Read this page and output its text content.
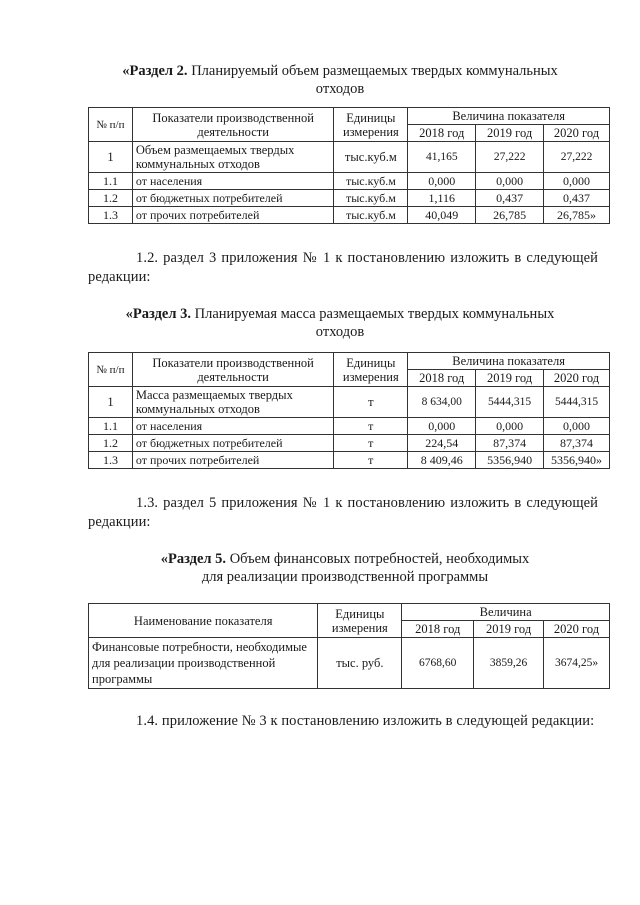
«Раздел 2. Планируемый объем размещаемых твердых коммунальных
отходов
№ п/п	Показатели производственной деятельности	Единицы измерения	Величина показателя		
			2018 год	2019 год	2020 год
1	Объем размещаемых твердых коммунальных отходов	тыс.куб.м	41,165	27,222	27,222
1.1	от населения	тыс.куб.м	0,000	0,000	0,000
1.2	от бюджетных потребителей	тыс.куб.м	1,116	0,437	0,437
1.3	от прочих потребителей	тыс.куб.м	40,049	26,785	26,785»
1.2. раздел 3 приложения № 1 к постановлению изложить в следующей редакции:
«Раздел 3. Планируемая масса размещаемых твердых коммунальных
отходов
№ п/п	Показатели производственной деятельности	Единицы измерения	Величина показателя		
			2018 год	2019 год	2020 год
1	Масса размещаемых твердых коммунальных отходов	т	8 634,00	5444,315	5444,315
1.1	от населения	т	0,000	0,000	0,000
1.2	от бюджетных потребителей	т	224,54	87,374	87,374
1.3	от прочих потребителей	т	8 409,46	5356,940	5356,940»
1.3. раздел 5 приложения № 1 к постановлению изложить в следующей редакции:
«Раздел 5. Объем финансовых потребностей, необходимых
для реализации производственной программы
Наименование показателя	Единицы измерения	Величина		
		2018 год	2019 год	2020 год
Финансовые потребности, необходимые для реализации производственной программы	тыс. руб.	6768,60	3859,26	3674,25»
1.4. приложение № 3 к постановлению изложить в следующей редакции:
